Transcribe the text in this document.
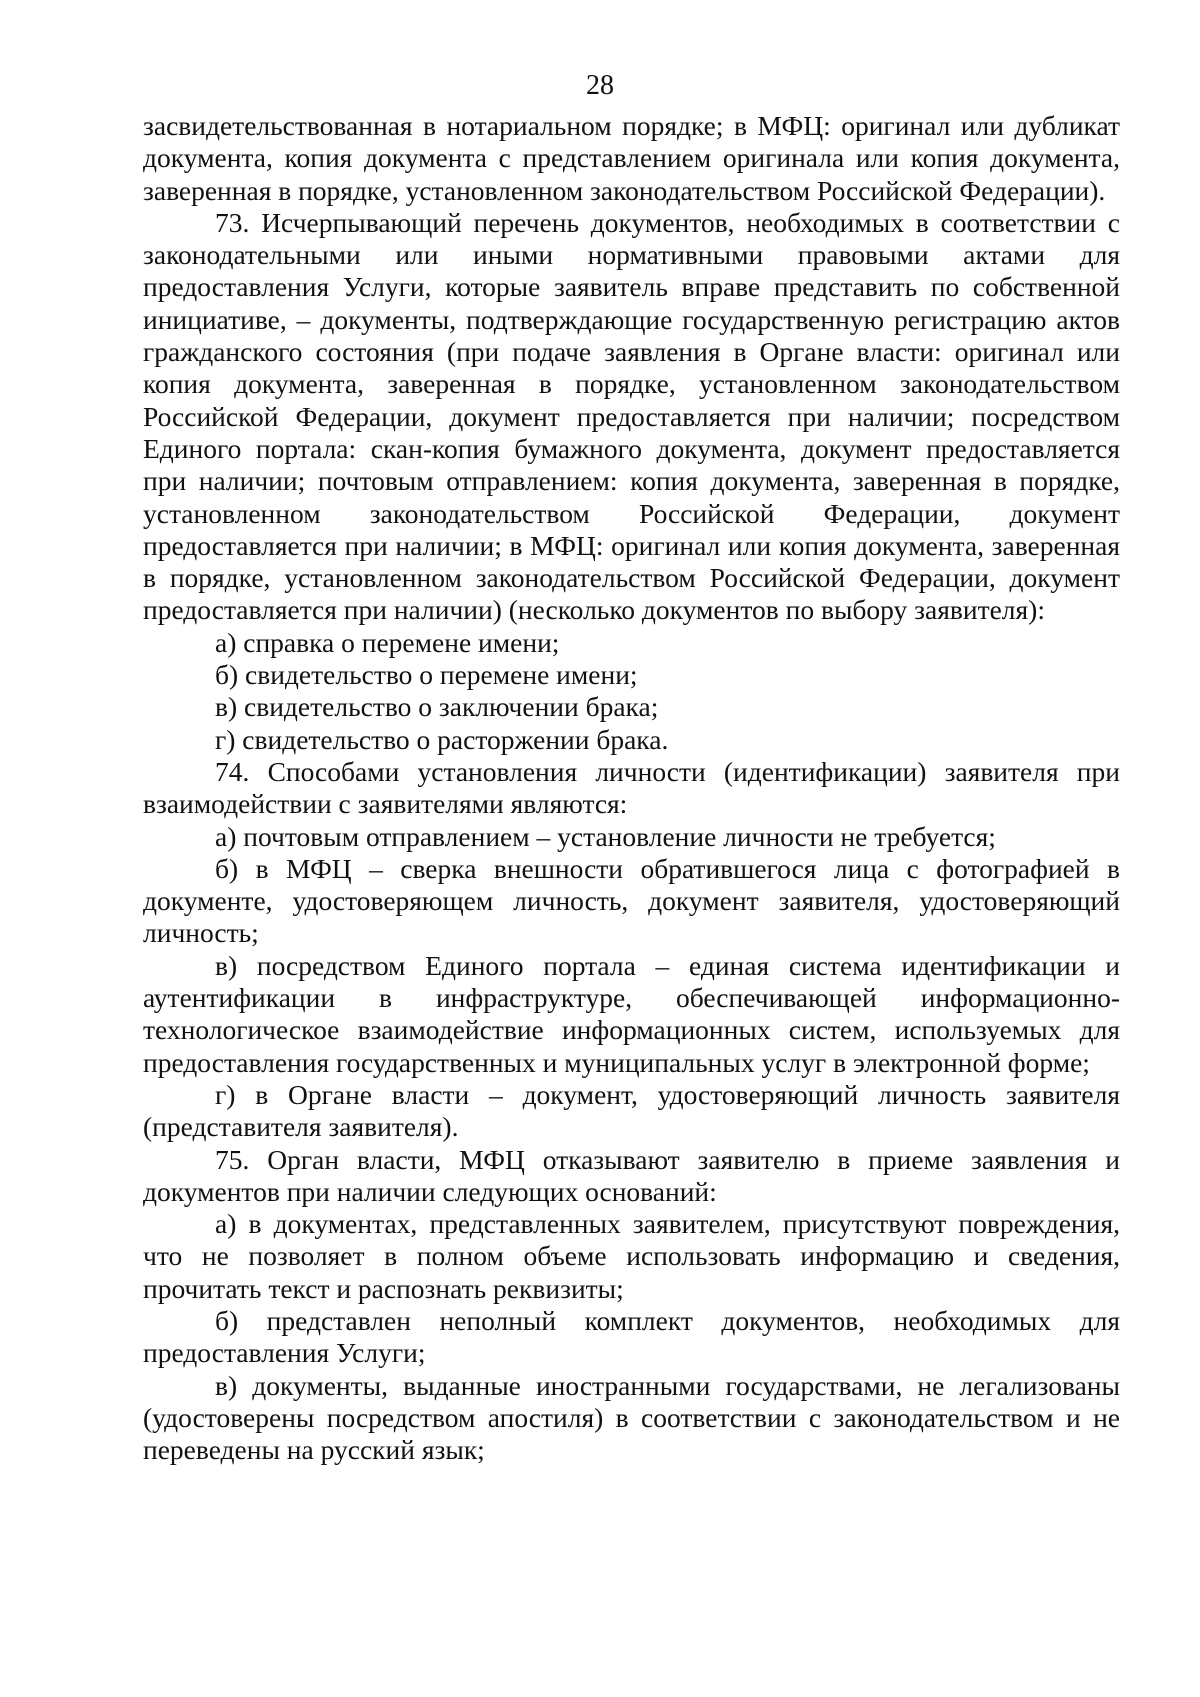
28

засвидетельствованная в нотариальном порядке; в МФЦ: оригинал или дубликат документа, копия документа с представлением оригинала или копия документа, заверенная в порядке, установленном законодательством Российской Федерации).

73. Исчерпывающий перечень документов, необходимых в соответствии с законодательными или иными нормативными правовыми актами для предоставления Услуги, которые заявитель вправе представить по собственной инициативе, – документы, подтверждающие государственную регистрацию актов гражданского состояния (при подаче заявления в Органе власти: оригинал или копия документа, заверенная в порядке, установленном законодательством Российской Федерации, документ предоставляется при наличии; посредством Единого портала: скан-копия бумажного документа, документ предоставляется при наличии; почтовым отправлением: копия документа, заверенная в порядке, установленном законодательством Российской Федерации, документ предоставляется при наличии; в МФЦ: оригинал или копия документа, заверенная в порядке, установленном законодательством Российской Федерации, документ предоставляется при наличии) (несколько документов по выбору заявителя):

а) справка о перемене имени;

б) свидетельство о перемене имени;

в) свидетельство о заключении брака;

г) свидетельство о расторжении брака.

74. Способами установления личности (идентификации) заявителя при взаимодействии с заявителями являются:

а) почтовым отправлением – установление личности не требуется;

б) в МФЦ – сверка внешности обратившегося лица с фотографией в документе, удостоверяющем личность, документ заявителя, удостоверяющий личность;

в) посредством Единого портала – единая система идентификации и аутентификации в инфраструктуре, обеспечивающей информационно-технологическое взаимодействие информационных систем, используемых для предоставления государственных и муниципальных услуг в электронной форме;

г) в Органе власти – документ, удостоверяющий личность заявителя (представителя заявителя).

75. Орган власти, МФЦ отказывают заявителю в приеме заявления и документов при наличии следующих оснований:

а) в документах, представленных заявителем, присутствуют повреждения, что не позволяет в полном объеме использовать информацию и сведения, прочитать текст и распознать реквизиты;

б) представлен неполный комплект документов, необходимых для предоставления Услуги;

в) документы, выданные иностранными государствами, не легализованы (удостоверены посредством апостиля) в соответствии с законодательством и не переведены на русский язык;
